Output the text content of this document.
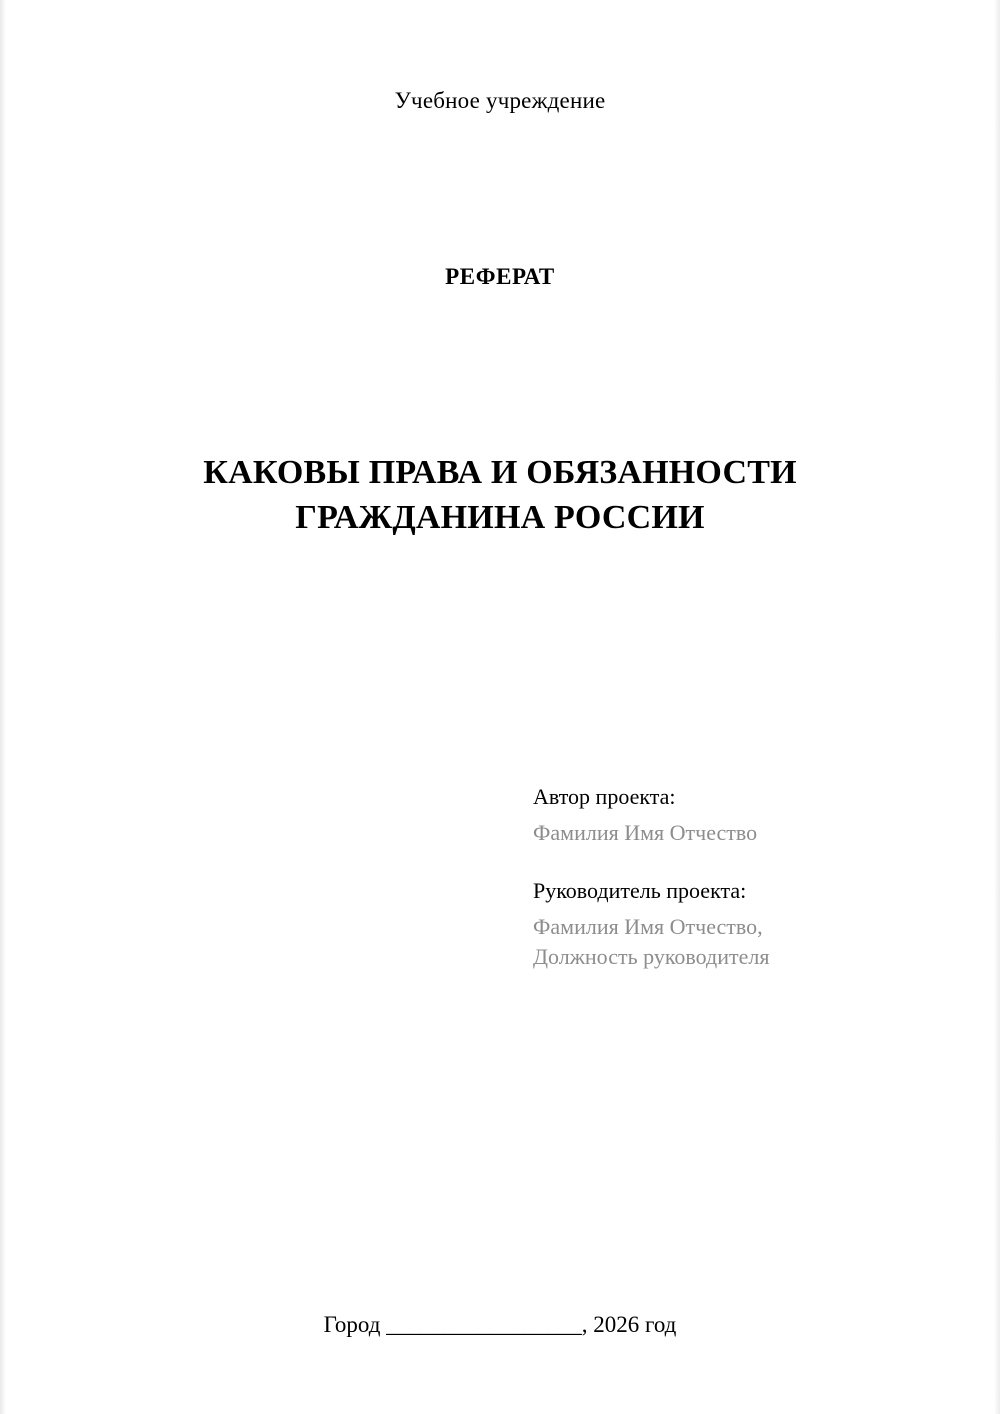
Учебное учреждение
РЕФЕРАТ
КАКОВЫ ПРАВА И ОБЯЗАННОСТИ ГРАЖДАНИНА РОССИИ
Автор проекта:
Фамилия Имя Отчество
Руководитель проекта:
Фамилия Имя Отчество,
Должность руководителя
Город _________________, 2026 год
